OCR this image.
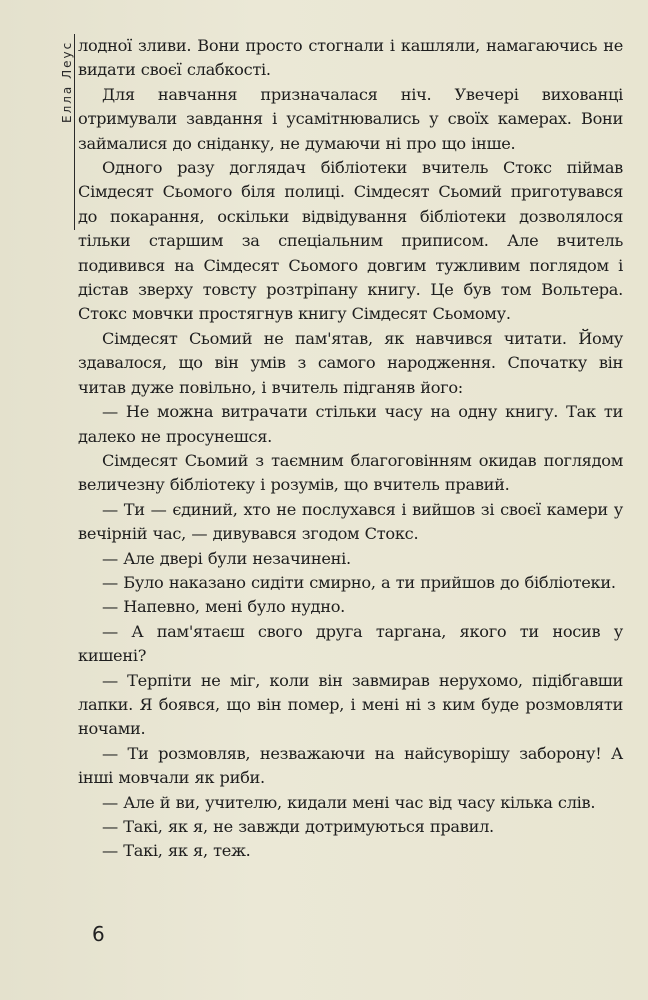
Елла Леус лодної зливи. Вони просто стогнали і кашляли, намагаючись не видати своєї слабкості.

Для навчання призначалася ніч. Увечері вихованці отримували завдання і усамітнювались у своїх камерах. Вони займалися до сніданку, не думаючи ні про що інше.

Одного разу доглядач бібліотеки вчитель Стокс піймав Сімдесят Сьомого біля полиці. Сімдесят Сьомий приготувався до покарання, оскільки відвідування бібліотеки дозволялося тільки старшим за спеціальним приписом. Але вчитель подивився на Сімдесят Сьомого довгим тужливим поглядом і дістав зверху товсту розтріпану книгу. Це був том Вольтера. Стокс мовчки простягнув книгу Сімдесят Сьомому.

Сімдесят Сьомий не пам'ятав, як навчився читати. Йому здавалося, що він умів з самого народження. Спочатку він читав дуже повільно, і вчитель підганяв його:

— Не можна витрачати стільки часу на одну книгу. Так ти далеко не просунешся.

Сімдесят Сьомий з таємним благоговінням окидав поглядом величезну бібліотеку і розумів, що вчитель правий.

— Ти — єдиний, хто не послухався і вийшов зі своєї камери у вечірній час, — дивувався згодом Стокс.

— Але двері були незачинені.

— Було наказано сидіти смирно, а ти прийшов до бібліотеки.

— Напевно, мені було нудно.

— А пам'ятаєш свого друга таргана, якого ти носив у кишені?

— Терпіти не міг, коли він завмирав нерухомо, підібгавши лапки. Я боявся, що він помер, і мені ні з ким буде розмовляти ночами.

— Ти розмовляв, незважаючи на найсуворішу заборону! А інші мовчали як риби.

— Але й ви, учителю, кидали мені час від часу кілька слів.

— Такі, як я, не завжди дотримуються правил.

— Такі, як я, теж.

6
